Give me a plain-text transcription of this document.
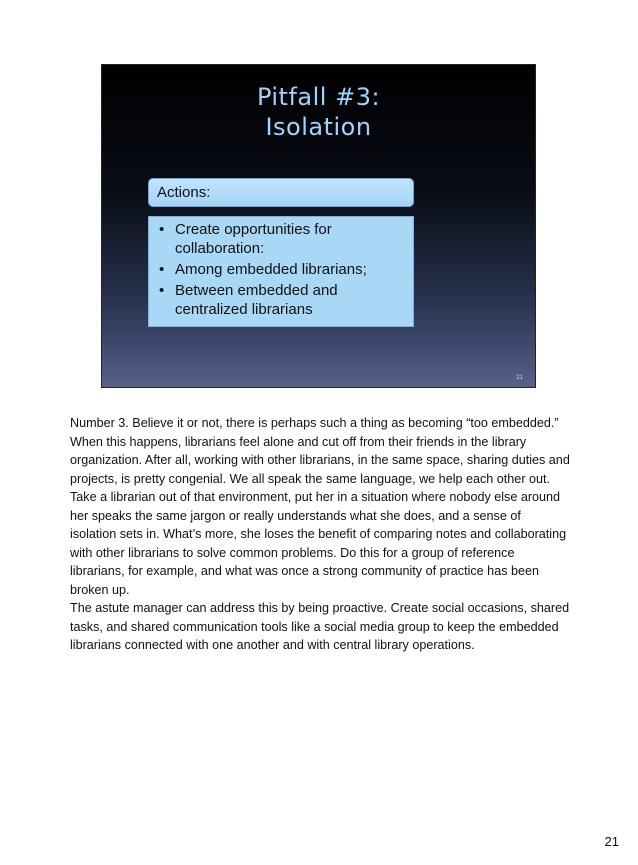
Pitfall #3:
Isolation
Actions:
• Create opportunities for collaboration:
• Among embedded librarians;
• Between embedded and centralized librarians
21

Number 3. Believe it or not, there is perhaps such a thing as becoming “too embedded.”

When this happens, librarians feel alone and cut off from their friends in the library organization. After all, working with other librarians, in the same space, sharing duties and projects, is pretty congenial. We all speak the same language, we help each other out. Take a librarian out of that environment, put her in a situation where nobody else around her speaks the same jargon or really understands what she does, and a sense of isolation sets in. What’s more, she loses the benefit of comparing notes and collaborating with other librarians to solve common problems. Do this for a group of reference librarians, for example, and what was once a strong community of practice has been broken up.

The astute manager can address this by being proactive. Create social occasions, shared tasks, and shared communication tools like a social media group to keep the embedded librarians connected with one another and with central library operations.

21
